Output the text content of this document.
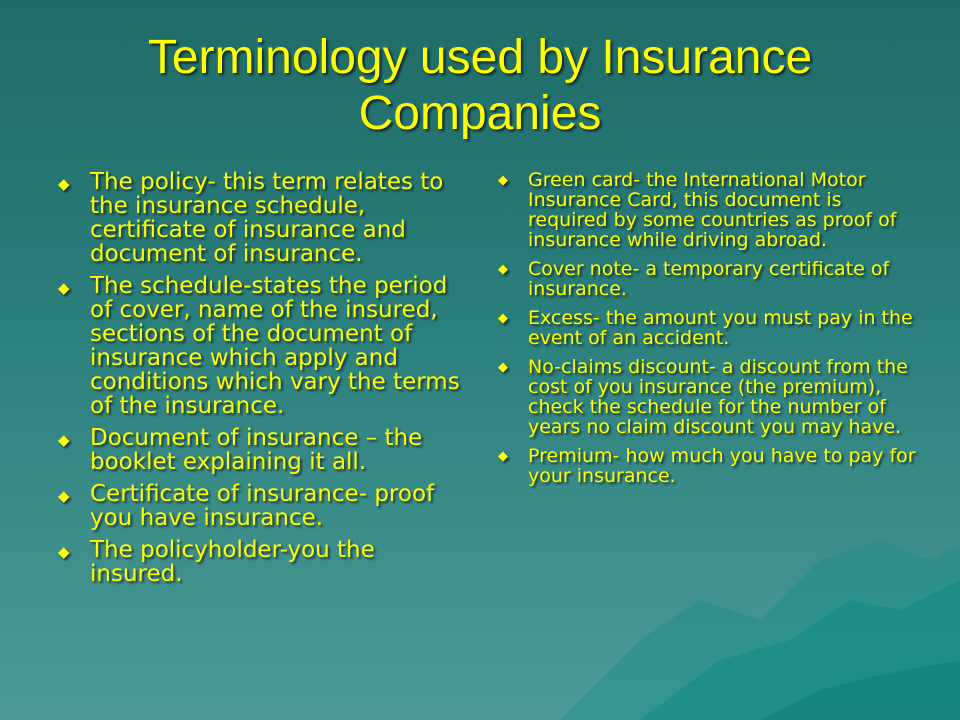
Terminology used by Insurance Companies
◆ The policy- this term relates to the insurance schedule, certificate of insurance and document of insurance.
◆ The schedule-states the period of cover, name of the insured, sections of the document of insurance which apply and conditions which vary the terms of the insurance.
◆ Document of insurance – the booklet explaining it all.
◆ Certificate of insurance- proof you have insurance.
◆ The policyholder-you the insured.
◆	Green card- the International Motor Insurance Card, this document is required by some countries as proof of insurance while driving abroad.
◆	Cover note- a temporary certificate of insurance.
◆	Excess- the amount you must pay in the event of an accident.
◆	No-claims discount- a discount from the cost of you insurance (the premium), check the schedule for the number of years no claim discount you may have.
◆	Premium- how much you have to pay for your insurance.
